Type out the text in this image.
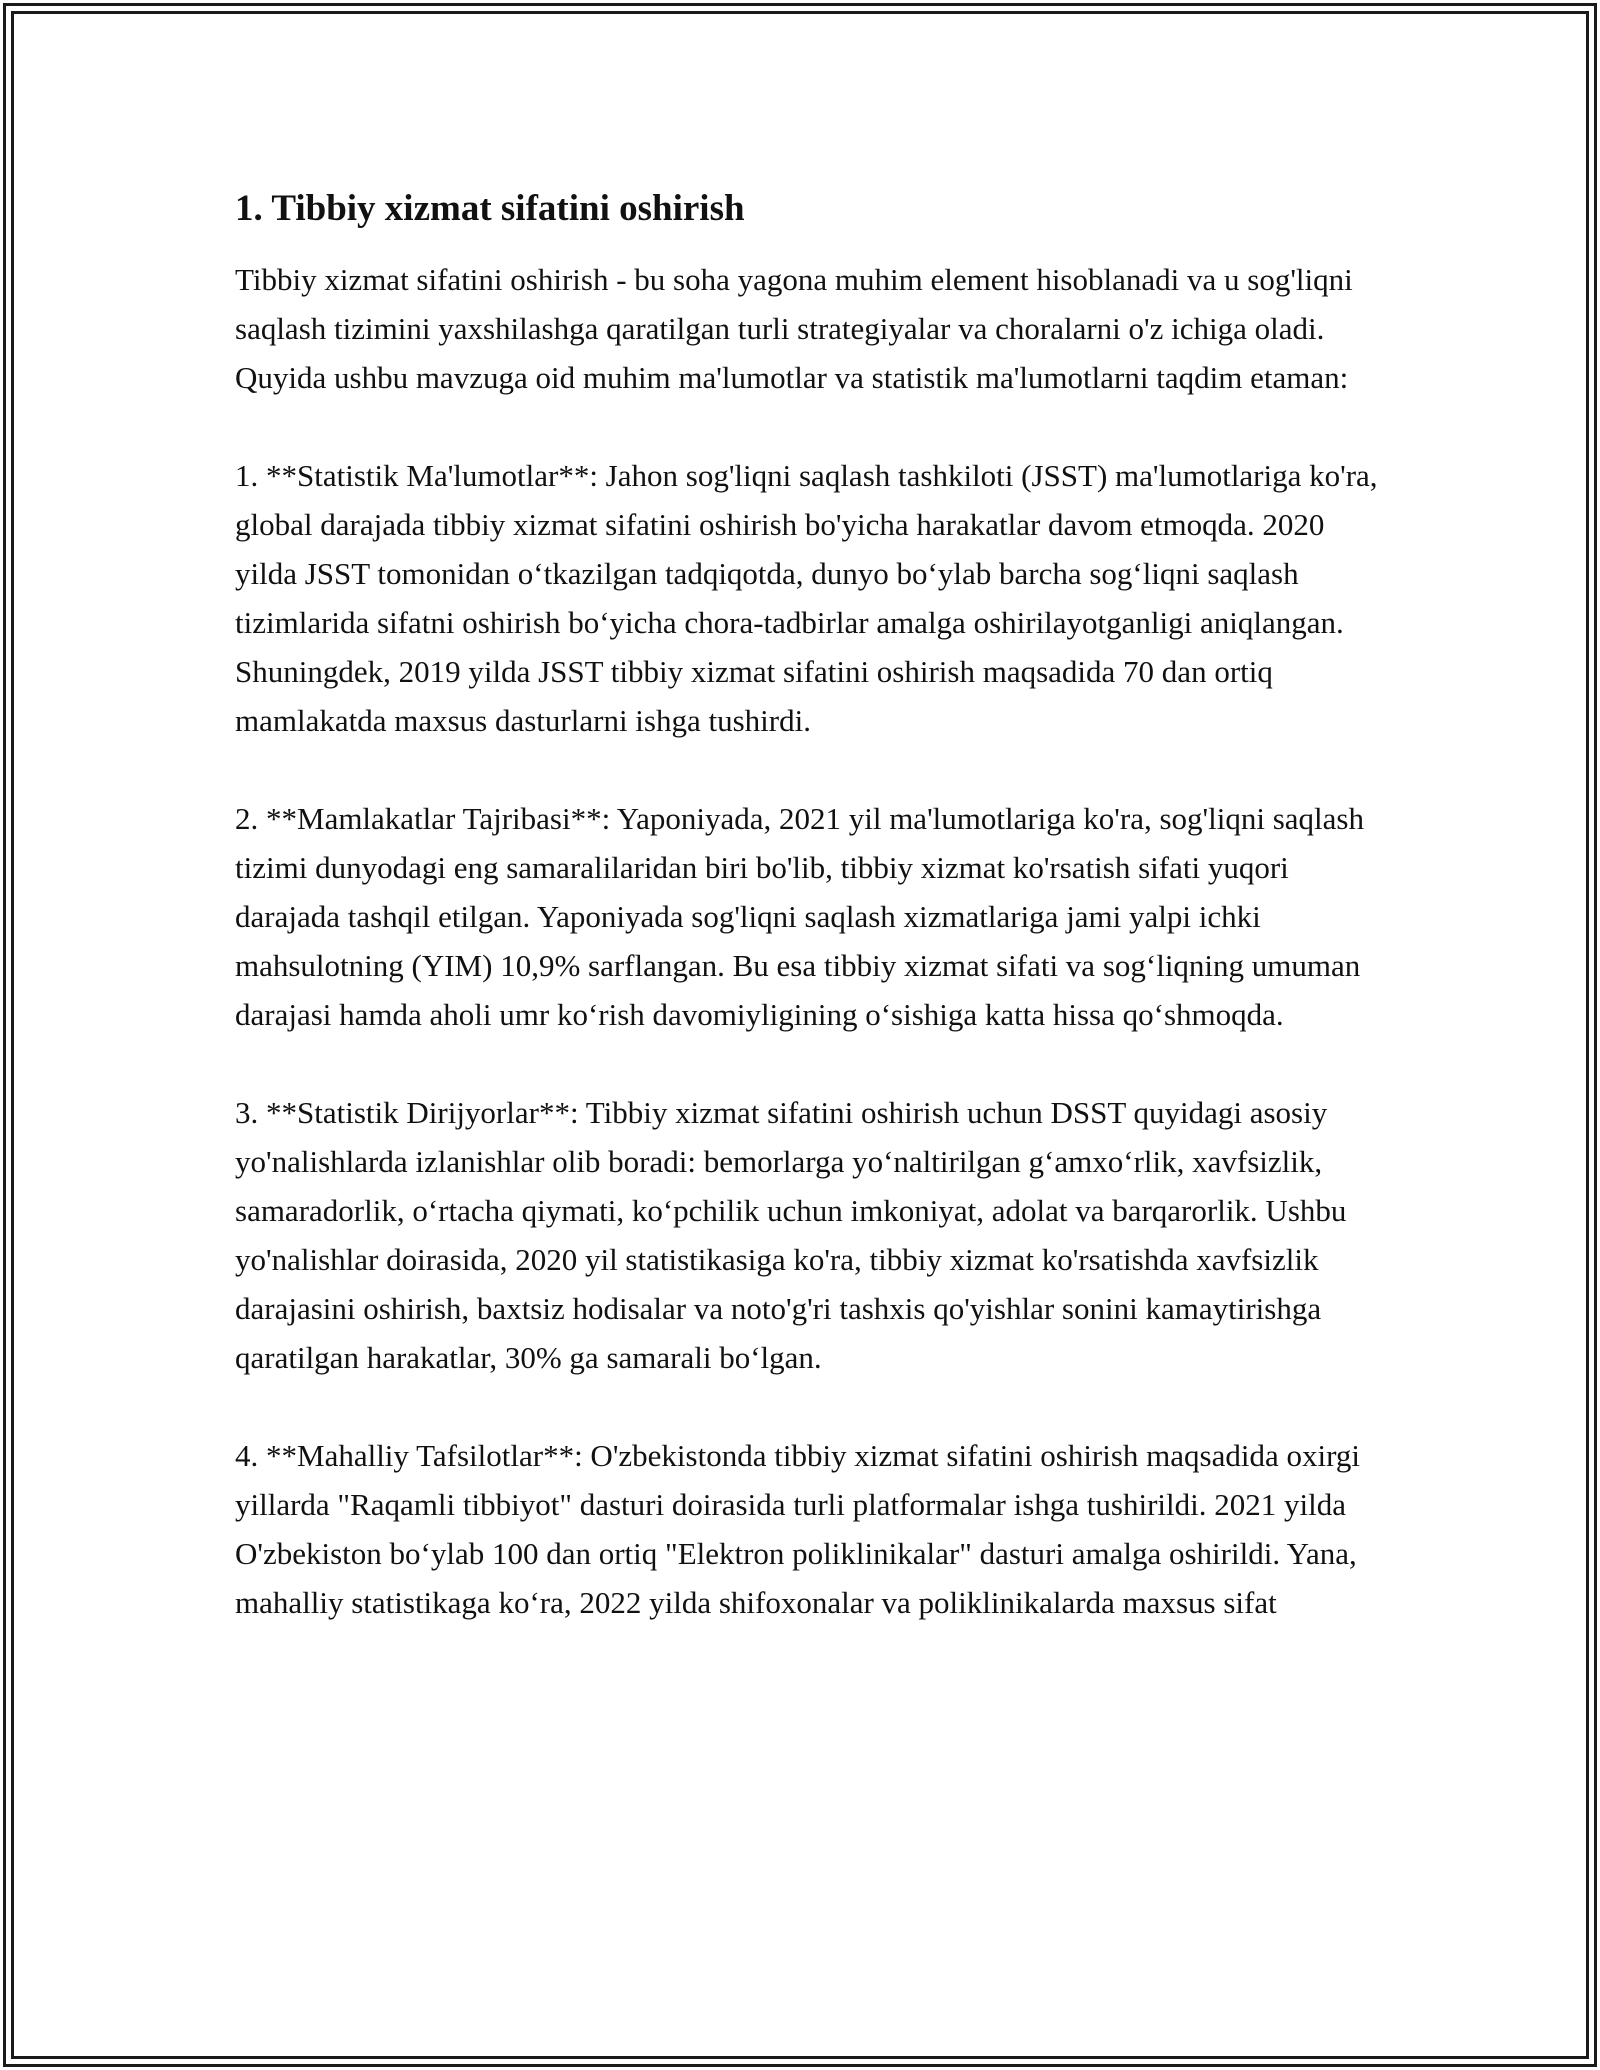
1. Tibbiy xizmat sifatini oshirish

Tibbiy xizmat sifatini oshirish - bu soha yagona muhim element hisoblanadi va u sog'liqni saqlash tizimini yaxshilashga qaratilgan turli strategiyalar va choralarni o'z ichiga oladi. Quyida ushbu mavzuga oid muhim ma'lumotlar va statistik ma'lumotlarni taqdim etaman:

1. **Statistik Ma'lumotlar**: Jahon sog'liqni saqlash tashkiloti (JSST) ma'lumotlariga ko'ra, global darajada tibbiy xizmat sifatini oshirish bo'yicha harakatlar davom etmoqda. 2020 yilda JSST tomonidan o‘tkazilgan tadqiqotda, dunyo bo‘ylab barcha sog‘liqni saqlash tizimlarida sifatni oshirish bo‘yicha chora-tadbirlar amalga oshirilayotganligi aniqlangan. Shuningdek, 2019 yilda JSST tibbiy xizmat sifatini oshirish maqsadida 70 dan ortiq mamlakatda maxsus dasturlarni ishga tushirdi.

2. **Mamlakatlar Tajribasi**: Yaponiyada, 2021 yil ma'lumotlariga ko'ra, sog'liqni saqlash tizimi dunyodagi eng samaralilaridan biri bo'lib, tibbiy xizmat ko'rsatish sifati yuqori darajada tashqil etilgan. Yaponiyada sog'liqni saqlash xizmatlariga jami yalpi ichki mahsulotning (YIM) 10,9% sarflangan. Bu esa tibbiy xizmat sifati va sog‘liqning umuman darajasi hamda aholi umr ko‘rish davomiyligining o‘sishiga katta hissa qo‘shmoqda.

3. **Statistik Dirijyorlar**: Tibbiy xizmat sifatini oshirish uchun DSST quyidagi asosiy yo'nalishlarda izlanishlar olib boradi: bemorlarga yo‘naltirilgan g‘amxo‘rlik, xavfsizlik, samaradorlik, o‘rtacha qiymati, ko‘pchilik uchun imkoniyat, adolat va barqarorlik. Ushbu yo'nalishlar doirasida, 2020 yil statistikasiga ko'ra, tibbiy xizmat ko'rsatishda xavfsizlik darajasini oshirish, baxtsiz hodisalar va noto'g'ri tashxis qo'yishlar sonini kamaytirishga qaratilgan harakatlar, 30% ga samarali bo‘lgan.

4. **Mahalliy Tafsilotlar**: O'zbekistonda tibbiy xizmat sifatini oshirish maqsadida oxirgi yillarda "Raqamli tibbiyot" dasturi doirasida turli platformalar ishga tushirildi. 2021 yilda O'zbekiston bo‘ylab 100 dan ortiq "Elektron poliklinikalar" dasturi amalga oshirildi. Yana, mahalliy statistikaga ko‘ra, 2022 yilda shifoxonalar va poliklinikalarda maxsus sifat
